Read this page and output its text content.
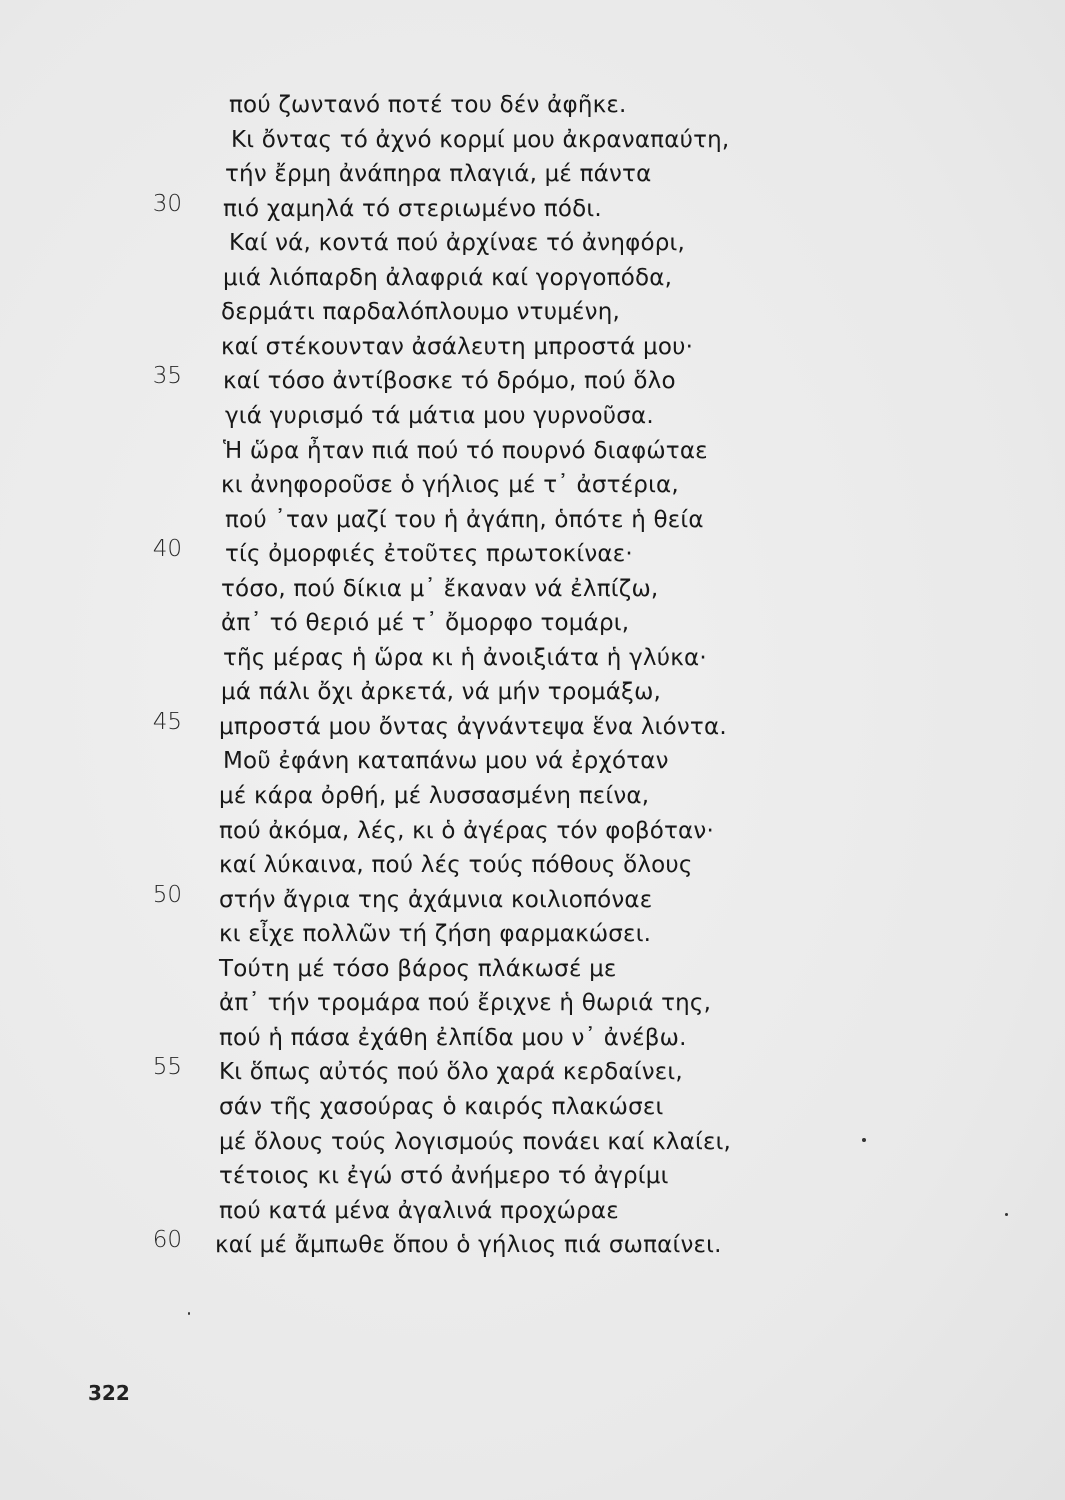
πού ζωντανό ποτέ του δέν ἀφῆκε.
Κι ὄντας τό ἀχνό κορμί μου ἀκραναπαύτη,
τήν ἔρμη ἀνάπηρα πλαγιά, μέ πάντα
30 πιό χαμηλά τό στεριωμένο πόδι.
Καί νά, κοντά πού ἀρχίναε τό ἀνηφόρι,
μιά λιόπαρδη ἀλαφριά καί γοργοπόδα,
δερμάτι παρδαλόπλουμο ντυμένη,
καί στέκουνταν ἀσάλευτη μπροστά μου·
35 καί τόσο ἀντίβοσκε τό δρόμο, πού ὅλο
γιά γυρισμό τά μάτια μου γυρνοῦσα.
Ἡ ὥρα ἦταν πιά πού τό πουρνό διαφώταε
κι ἀνηφοροῦσε ὁ γήλιος μέ τ᾽ ἀστέρια,
πού ᾽ταν μαζί του ἡ ἀγάπη, ὁπότε ἡ θεία
40 τίς ὀμορφιές ἐτοῦτες πρωτοκίναε·
τόσο, πού δίκια μ᾽ ἔκαναν νά ἐλπίζω,
ἀπ᾽ τό θεριό μέ τ᾽ ὄμορφο τομάρι,
τῆς μέρας ἡ ὥρα κι ἡ ἀνοιξιάτα ἡ γλύκα·
μά πάλι ὄχι ἀρκετά, νά μήν τρομάξω,
45 μπροστά μου ὄντας ἀγνάντεψα ἕνα λιόντα.
Μοῦ ἐφάνη καταπάνω μου νά ἐρχόταν
μέ κάρα ὀρθή, μέ λυσσασμένη πείνα,
πού ἀκόμα, λές, κι ὁ ἀγέρας τόν φοβόταν·
καί λύκαινα, πού λές τούς πόθους ὅλους
50 στήν ἄγρια της ἀχάμνια κοιλιοπόναε
κι εἶχε πολλῶν τή ζήση φαρμακώσει.
Τούτη μέ τόσο βάρος πλάκωσέ με
ἀπ᾽ τήν τρομάρα πού ἔριχνε ἡ θωριά της,
πού ἡ πάσα ἐχάθη ἐλπίδα μου ν᾽ ἀνέβω.
55 Κι ὅπως αὐτός πού ὅλο χαρά κερδαίνει,
σάν τῆς χασούρας ὁ καιρός πλακώσει
μέ ὅλους τούς λογισμούς πονάει καί κλαίει,
τέτοιος κι ἐγώ στό ἀνήμερο τό ἀγρίμι
πού κατά μένα ἀγαλινά προχώραε
60 καί μέ ἄμπωθε ὅπου ὁ γήλιος πιά σωπαίνει.
322
